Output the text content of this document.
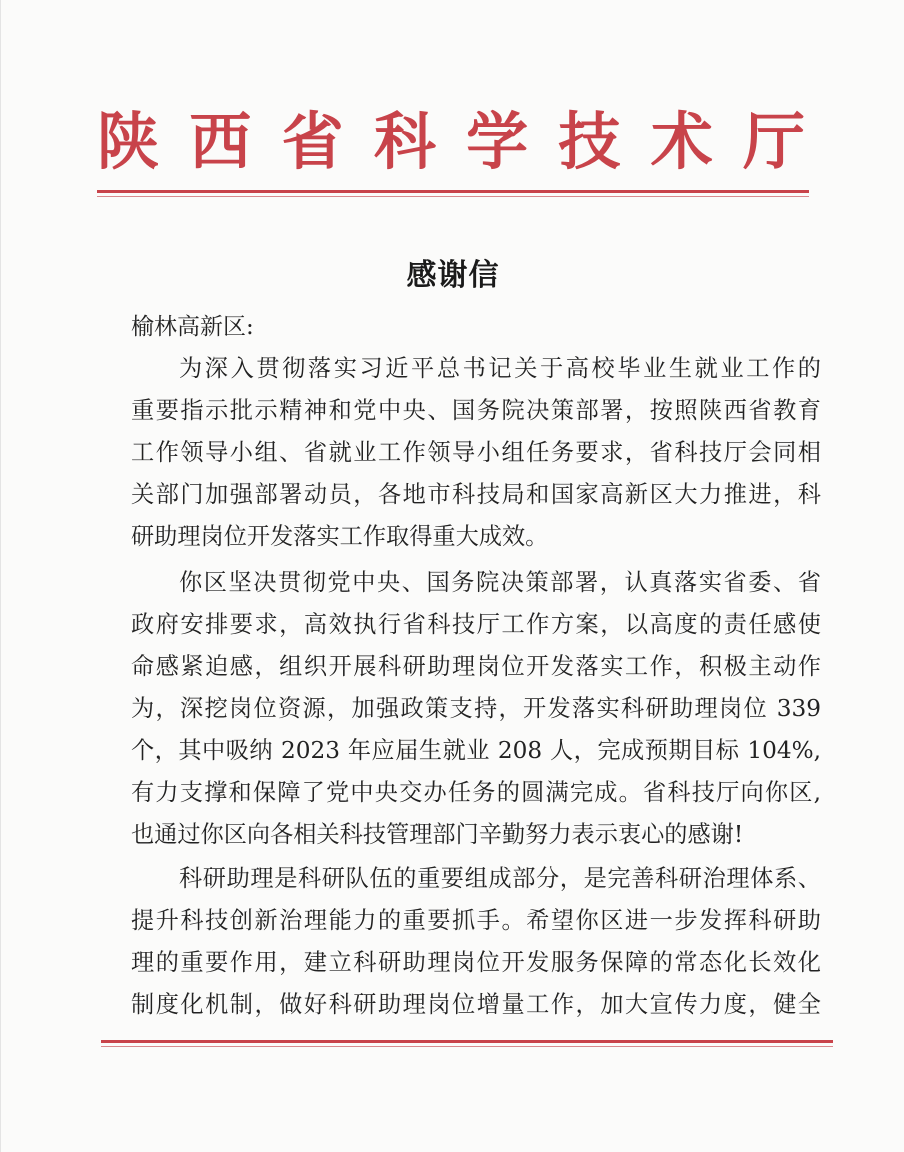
陕西省科学技术厅
感谢信
榆林高新区:
为深入贯彻落实习近平总书记关于高校毕业生就业工作的
重要指示批示精神和党中央、国务院决策部署，按照陕西省教育
工作领导小组、省就业工作领导小组任务要求，省科技厅会同相
关部门加强部署动员，各地市科技局和国家高新区大力推进，科
研助理岗位开发落实工作取得重大成效。
你区坚决贯彻党中央、国务院决策部署，认真落实省委、省
政府安排要求，高效执行省科技厅工作方案，以高度的责任感使
命感紧迫感，组织开展科研助理岗位开发落实工作，积极主动作
为，深挖岗位资源，加强政策支持，开发落实科研助理岗位 339
个，其中吸纳 2023 年应届生就业 208 人，完成预期目标 104%,
有力支撑和保障了党中央交办任务的圆满完成。省科技厅向你区,
也通过你区向各相关科技管理部门辛勤努力表示衷心的感谢!
科研助理是科研队伍的重要组成部分，是完善科研治理体系、
提升科技创新治理能力的重要抓手。希望你区进一步发挥科研助
理的重要作用，建立科研助理岗位开发服务保障的常态化长效化
制度化机制，做好科研助理岗位增量工作，加大宣传力度，健全
